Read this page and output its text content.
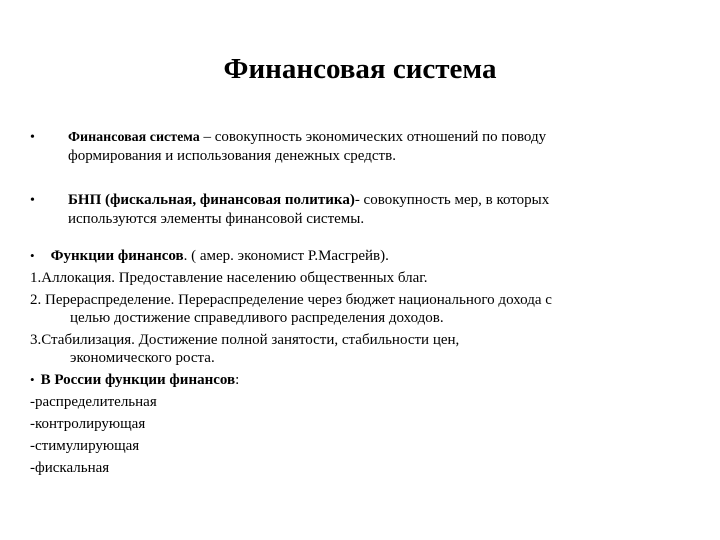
Финансовая система
•	Финансовая система – совокупность экономических отношений по поводу
формирования и использования денежных средств.
•	БНП (фискальная, финансовая политика)- совокупность мер, в которых
используются элементы финансовой системы.
• Функции финансов. ( амер. экономист Р.Масгрейв).
1.Аллокация. Предоставление населению общественных благ.
2. Перераспределение. Перераспределение через бюджет национального дохода с
целью достижение справедливого распределения доходов.
3.Стабилизация. Достижение полной занятости, стабильности цен,
экономического роста.
• В России функции финансов:
-распределительная
-контролирующая
-стимулирующая
-фискальная
